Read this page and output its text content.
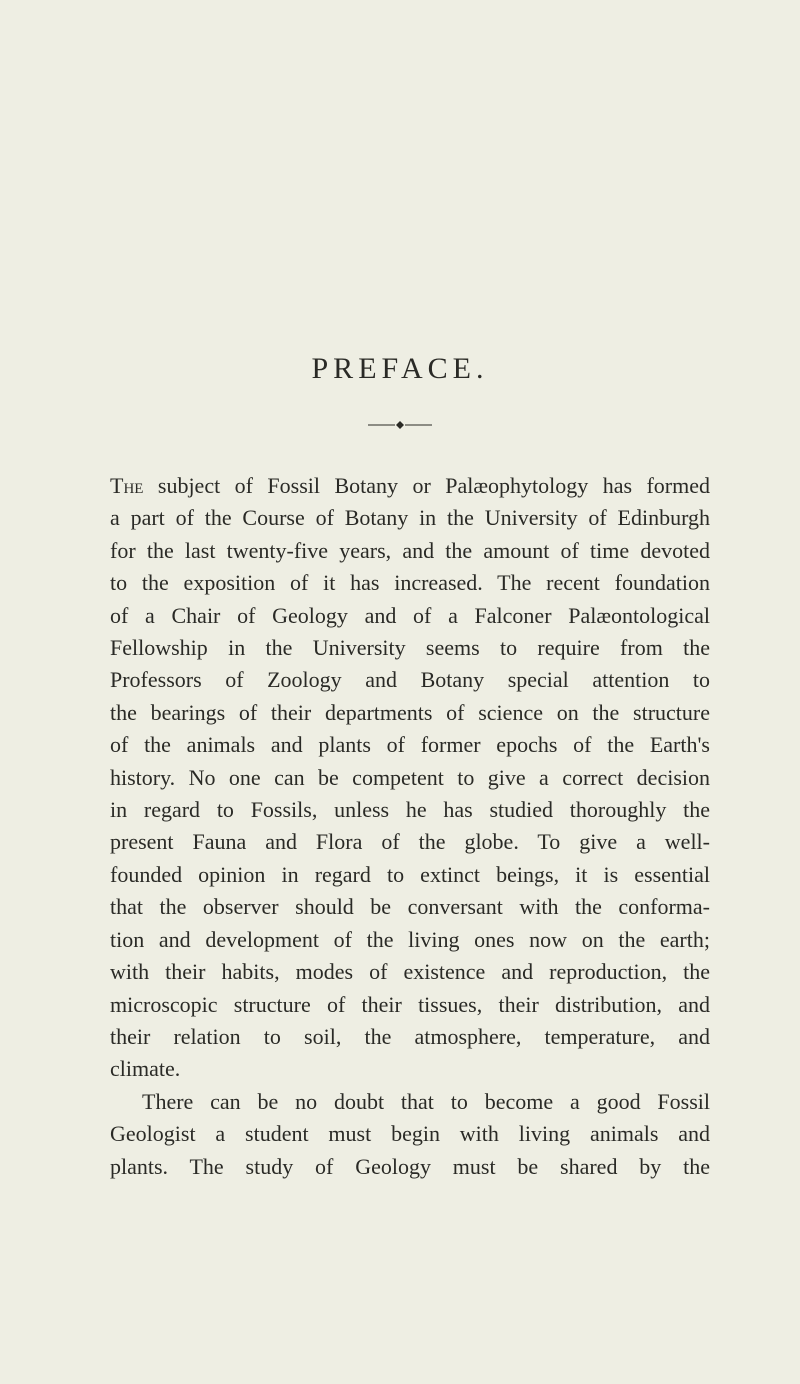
PREFACE.

The subject of Fossil Botany or Palæophytology has formed
a part of the Course of Botany in the University of Edinburgh
for the last twenty-five years, and the amount of time devoted
to the exposition of it has increased. The recent foundation
of a Chair of Geology and of a Falconer Palæontological
Fellowship in the University seems to require from the
Professors of Zoology and Botany special attention to
the bearings of their departments of science on the structure
of the animals and plants of former epochs of the Earth's
history. No one can be competent to give a correct decision
in regard to Fossils, unless he has studied thoroughly the
present Fauna and Flora of the globe. To give a well-
founded opinion in regard to extinct beings, it is essential
that the observer should be conversant with the conforma-
tion and development of the living ones now on the earth;
with their habits, modes of existence and reproduction, the
microscopic structure of their tissues, their distribution, and
their relation to soil, the atmosphere, temperature, and
climate.

There can be no doubt that to become a good Fossil
Geologist a student must begin with living animals and
plants. The study of Geology must be shared by the
